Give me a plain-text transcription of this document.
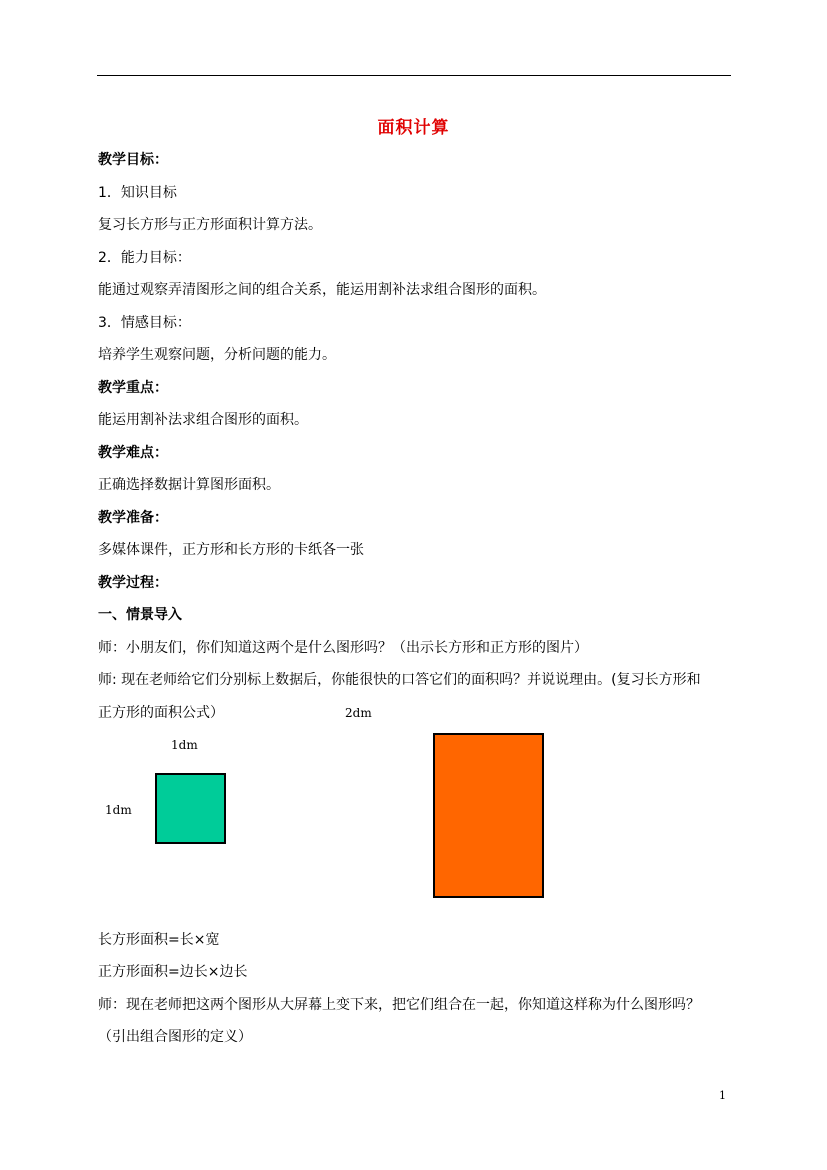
面积计算
教学目标：
1．知识目标
复习长方形与正方形面积计算方法。
2．能力目标：
能通过观察弄清图形之间的组合关系，能运用割补法求组合图形的面积。
3．情感目标：
培养学生观察问题，分析问题的能力。
教学重点：
能运用割补法求组合图形的面积。
教学难点：
正确选择数据计算图形面积。
教学准备：
多媒体课件，正方形和长方形的卡纸各一张
教学过程：
一、情景导入
师：小朋友们，你们知道这两个是什么图形吗？（出示长方形和正方形的图片）
师: 现在老师给它们分别标上数据后，你能很快的口答它们的面积吗？并说说理由。(复习长方形和
正方形的面积公式）	2dm
1dm
1dm
长方形面积=长×宽
正方形面积=边长×边长
师：现在老师把这两个图形从大屏幕上变下来，把它们组合在一起，你知道这样称为什么图形吗？
（引出组合图形的定义）
1
